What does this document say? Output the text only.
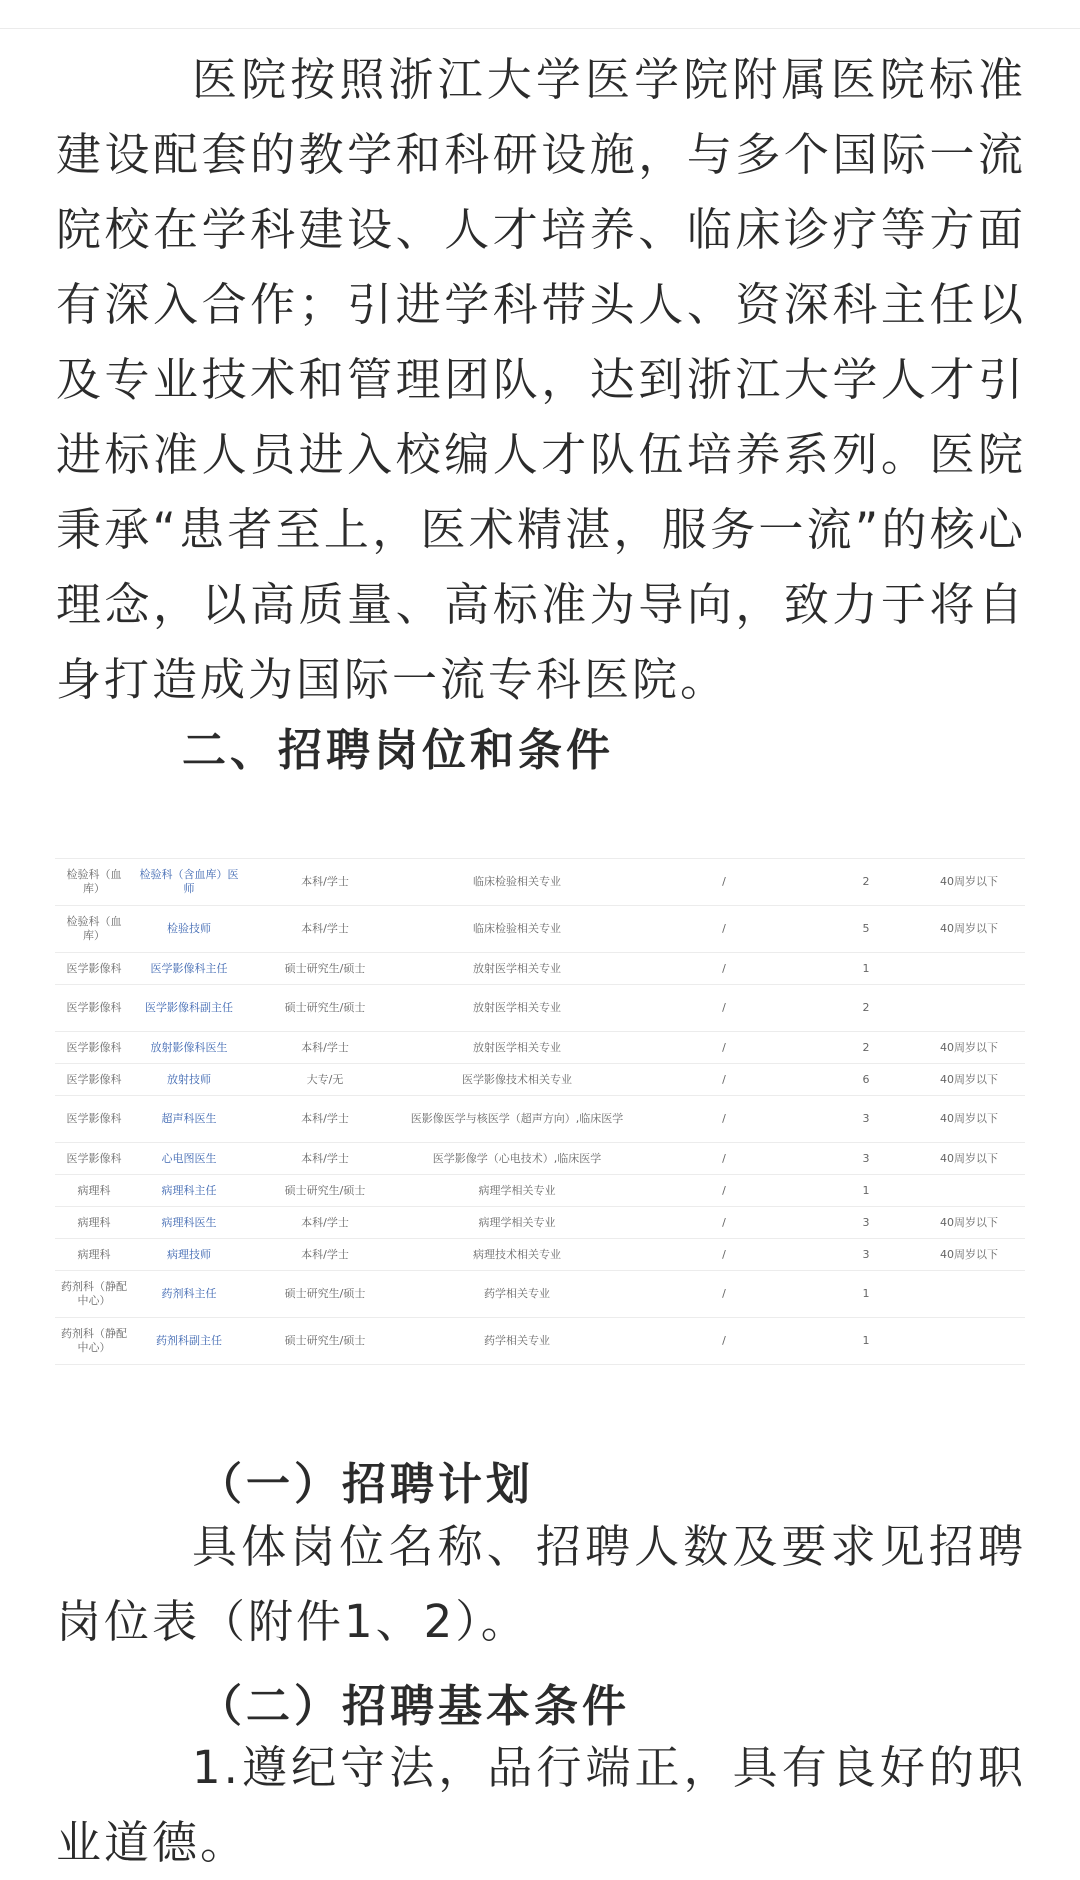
医院按照浙江大学医学院附属医院标准建设配套的教学和科研设施，与多个国际一流院校在学科建设、人才培养、临床诊疗等方面有深入合作；引进学科带头人、资深科主任以及专业技术和管理团队，达到浙江大学人才引进标准人员进入校编人才队伍培养系列。医院秉承“患者至上，医术精湛，服务一流”的核心理念，以高质量、高标准为导向，致力于将自身打造成为国际一流专科医院。

二、招聘岗位和条件
检验科（血库）	检验科（含血库）医师	本科/学士	临床检验相关专业	/	2	40周岁以下
检验科（血库）	检验技师	本科/学士	临床检验相关专业	/	5	40周岁以下
医学影像科	医学影像科主任	硕士研究生/硕士	放射医学相关专业	/	1	
医学影像科	医学影像科副主任	硕士研究生/硕士	放射医学相关专业	/	2	
医学影像科	放射影像科医生	本科/学士	放射医学相关专业	/	2	40周岁以下
医学影像科	放射技师	大专/无	医学影像技术相关专业	/	6	40周岁以下
医学影像科	超声科医生	本科/学士	医影像医学与核医学（超声方向）,临床医学	/	3	40周岁以下
医学影像科	心电图医生	本科/学士	医学影像学（心电技术）,临床医学	/	3	40周岁以下
病理科	病理科主任	硕士研究生/硕士	病理学相关专业	/	1	
病理科	病理科医生	本科/学士	病理学相关专业	/	3	40周岁以下
病理科	病理技师	本科/学士	病理技术相关专业	/	3	40周岁以下
药剂科（静配中心）	药剂科主任	硕士研究生/硕士	药学相关专业	/	1	
药剂科（静配中心）	药剂科副主任	硕士研究生/硕士	药学相关专业	/	1	
（一）招聘计划

具体岗位名称、招聘人数及要求见招聘岗位表（附件1、2）。

（二）招聘基本条件

1.遵纪守法，品行端正，具有良好的职业道德。
